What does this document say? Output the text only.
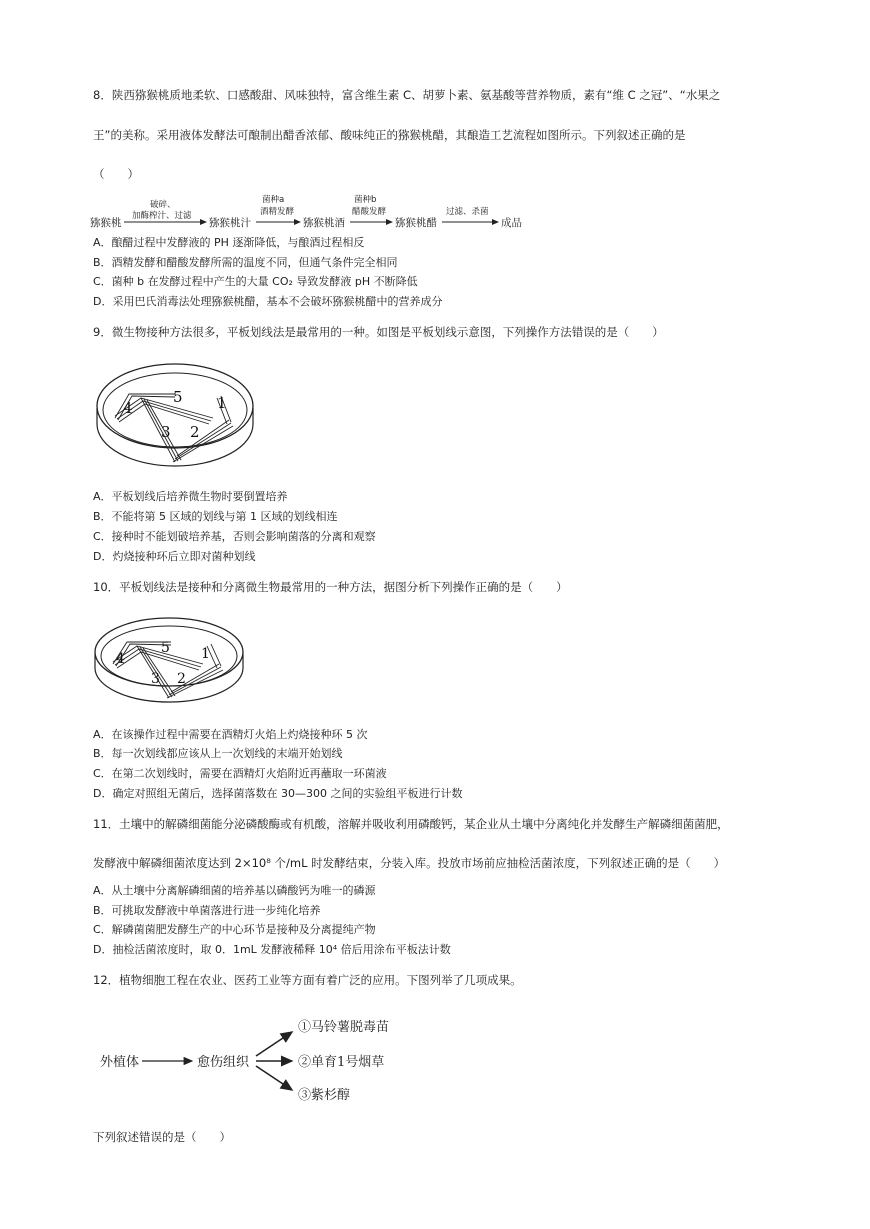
8．陕西猕猴桃质地柔软、口感酸甜、风味独特，富含维生素 C、胡萝卜素、氨基酸等营养物质，素有“维 C 之冠”、“水果之
王”的美称。采用液体发酵法可酿制出醋香浓郁、酸味纯正的猕猴桃醋，其酿造工艺流程如图所示。下列叙述正确的是
（　　）
猕猴桃
破碎、
加酶榨汁、过滤
猕猴桃汁
菌种a
酒精发酵
猕猴桃酒
菌种b
醋酸发酵
猕猴桃醋
过滤、杀菌
成品
A．酿醋过程中发酵液的 PH 逐渐降低，与酿酒过程相反
B．酒精发酵和醋酸发酵所需的温度不同，但通气条件完全相同
C．菌种 b 在发酵过程中产生的大量 CO₂ 导致发酵液 pH 不断降低
D．采用巴氏消毒法处理猕猴桃醋，基本不会破坏猕猴桃醋中的营养成分
9．微生物接种方法很多，平板划线法是最常用的一种。如图是平板划线示意图，下列操作方法错误的是（　　）
4
5 1
3 2
A．平板划线后培养微生物时要倒置培养
B．不能将第 5 区域的划线与第 1 区域的划线相连
C．接种时不能划破培养基，否则会影响菌落的分离和观察
D．灼烧接种环后立即对菌种划线
10．平板划线法是接种和分离微生物最常用的一种方法，据图分析下列操作正确的是（　　）
4
5 1
3 2
A．在该操作过程中需要在酒精灯火焰上灼烧接种环 5 次
B．每一次划线都应该从上一次划线的末端开始划线
C．在第二次划线时，需要在酒精灯火焰附近再蘸取一环菌液
D．确定对照组无菌后，选择菌落数在 30—300 之间的实验组平板进行计数
11．土壤中的解磷细菌能分泌磷酸酶或有机酸，溶解并吸收利用磷酸钙，某企业从土壤中分离纯化并发酵生产解磷细菌菌肥，
发酵液中解磷细菌浓度达到 2×10⁸ 个/mL 时发酵结束，分装入库。投放市场前应抽检活菌浓度，下列叙述正确的是（　　）
A．从土壤中分离解磷细菌的培养基以磷酸钙为唯一的磷源
B．可挑取发酵液中单菌落进行进一步纯化培养
C．解磷菌菌肥发酵生产的中心环节是接种及分离提纯产物
D．抽检活菌浓度时，取 0．1mL 发酵液稀释 10⁴ 倍后用涂布平板法计数
12．植物细胞工程在农业、医药工业等方面有着广泛的应用。下图列举了几项成果。
外植体	愈伤组织
①马铃薯脱毒苗
②单育1号烟草
③紫杉醇
下列叙述错误的是（　　）
